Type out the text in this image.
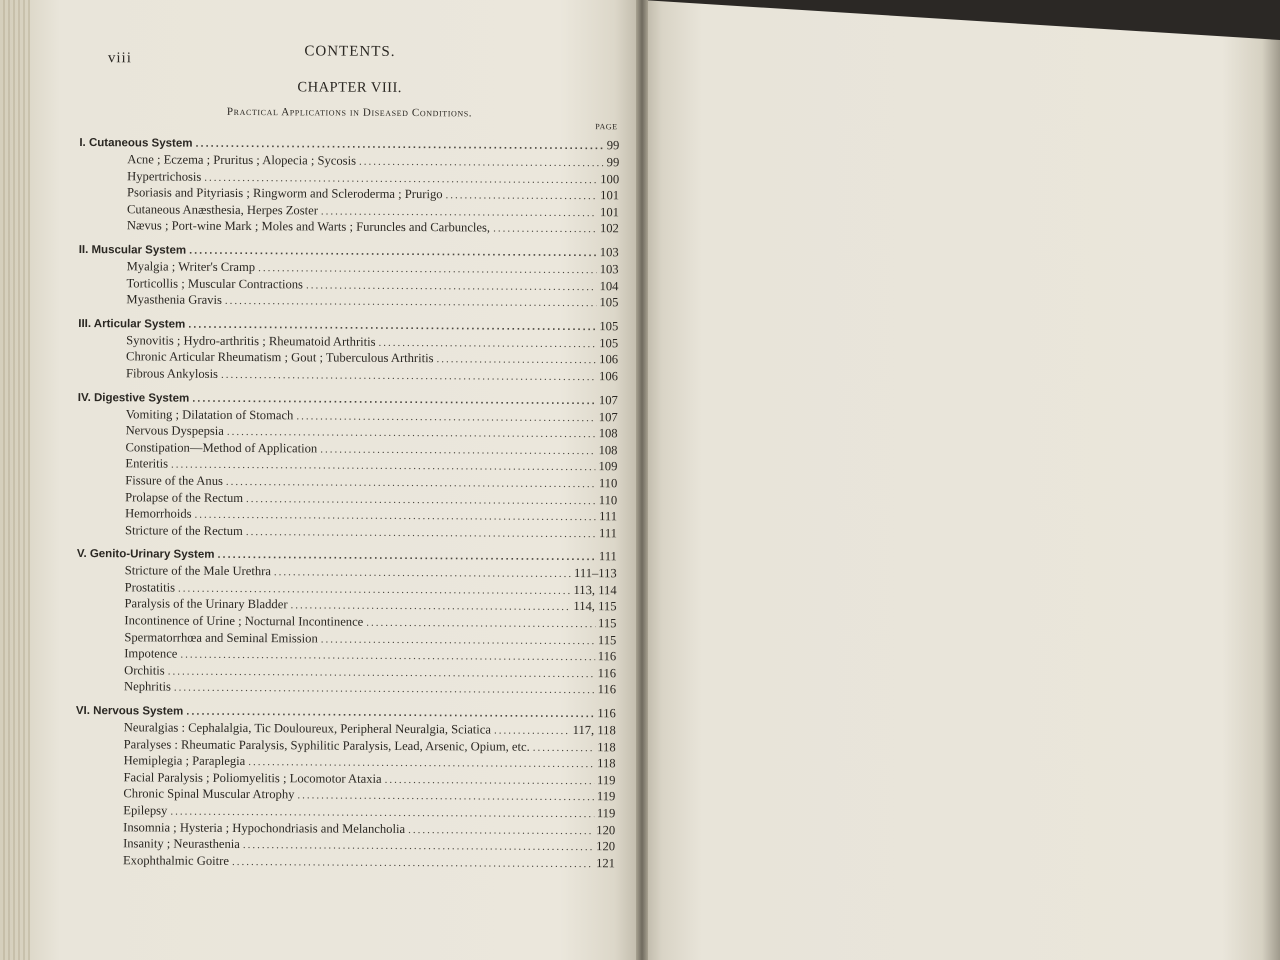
viii	CONTENTS.
CHAPTER VIII.
Practical Applications in Diseased Conditions.
PAGE
I. Cutaneous System .....	99
Acne ; Eczema ; Pruritus ; Alopecia ; Sycosis .....	99
Hypertrichosis .....	100
Psoriasis and Pityriasis ; Ringworm and Scleroderma ; Prurigo .....	101
Cutaneous Anæsthesia, Herpes Zoster .....	101
Nævus ; Port-wine Mark ; Moles and Warts ; Furuncles and Carbuncles, .....	102
II. Muscular System .....	103
Myalgia ; Writer's Cramp .....	103
Torticollis ; Muscular Contractions .....	104
Myasthenia Gravis .....	105
III. Articular System .....	105
Synovitis ; Hydro-arthritis ; Rheumatoid Arthritis .....	105
Chronic Articular Rheumatism ; Gout ; Tuberculous Arthritis .....	106
Fibrous Ankylosis .....	106
IV. Digestive System .....	107
Vomiting ; Dilatation of Stomach .....	107
Nervous Dyspepsia .....	108
Constipation—Method of Application .....	108
Enteritis .....	109
Fissure of the Anus .....	110
Prolapse of the Rectum .....	110
Hemorrhoids .....	111
Stricture of the Rectum .....	111
V. Genito-Urinary System .....	111
Stricture of the Male Urethra .....	111–113
Prostatitis .....	113, 114
Paralysis of the Urinary Bladder .....	114, 115
Incontinence of Urine ; Nocturnal Incontinence .....	115
Spermatorrhœa and Seminal Emission .....	115
Impotence .....	116
Orchitis .....	116
Nephritis .....	116
VI. Nervous System .....	116
Neuralgias : Cephalalgia, Tic Douloureux, Peripheral Neuralgia, Sciatica .....	117, 118
Paralyses : Rheumatic Paralysis, Syphilitic Paralysis, Lead, Arsenic, Opium, etc. .....	118
Hemiplegia ; Paraplegia .....	118
Facial Paralysis ; Poliomyelitis ; Locomotor Ataxia .....	119
Chronic Spinal Muscular Atrophy .....	119
Epilepsy .....	119
Insomnia ; Hysteria ; Hypochondriasis and Melancholia .....	120
Insanity ; Neurasthenia .....	120
Exophthalmic Goitre .....	121
